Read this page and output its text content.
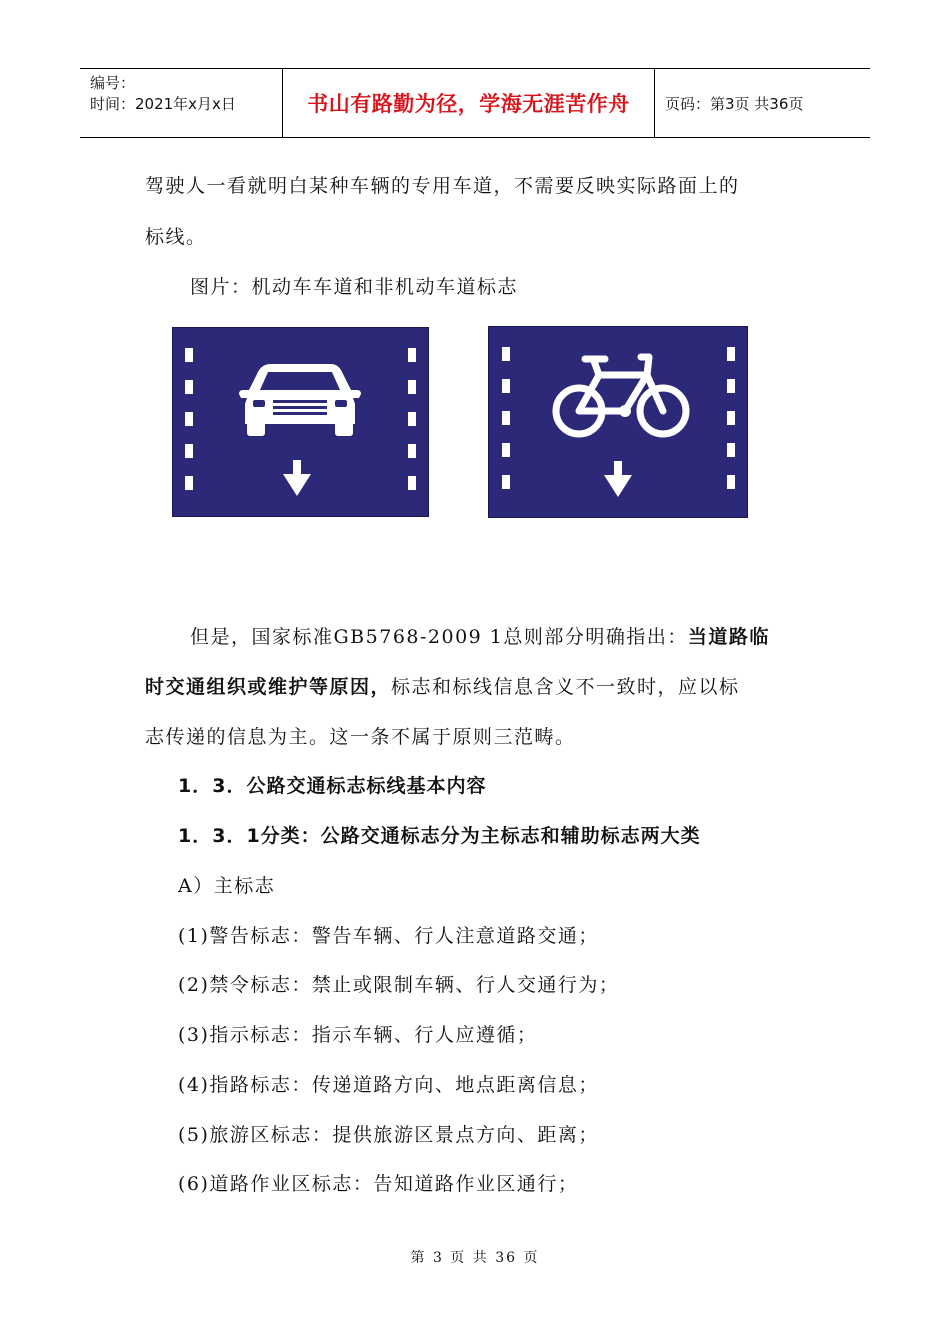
编号：
时间：2021年x月x日	书山有路勤为径，学海无涯苦作舟	页码：第3页 共36页
驾驶人一看就明白某种车辆的专用车道，不需要反映实际路面上的
标线。
图片：机动车车道和非机动车道标志
但是，国家标准GB5768-2009 1总则部分明确指出：当道路临
时交通组织或维护等原因，标志和标线信息含义不一致时，应以标
志传递的信息为主。这一条不属于原则三范畴。
1．3．公路交通标志标线基本内容
1．3．1分类：公路交通标志分为主标志和辅助标志两大类
A）主标志
(1)警告标志：警告车辆、行人注意道路交通；
(2)禁令标志：禁止或限制车辆、行人交通行为；
(3)指示标志：指示车辆、行人应遵循；
(4)指路标志：传递道路方向、地点距离信息；
(5)旅游区标志：提供旅游区景点方向、距离；
(6)道路作业区标志：告知道路作业区通行；
第 3 页 共 36 页
